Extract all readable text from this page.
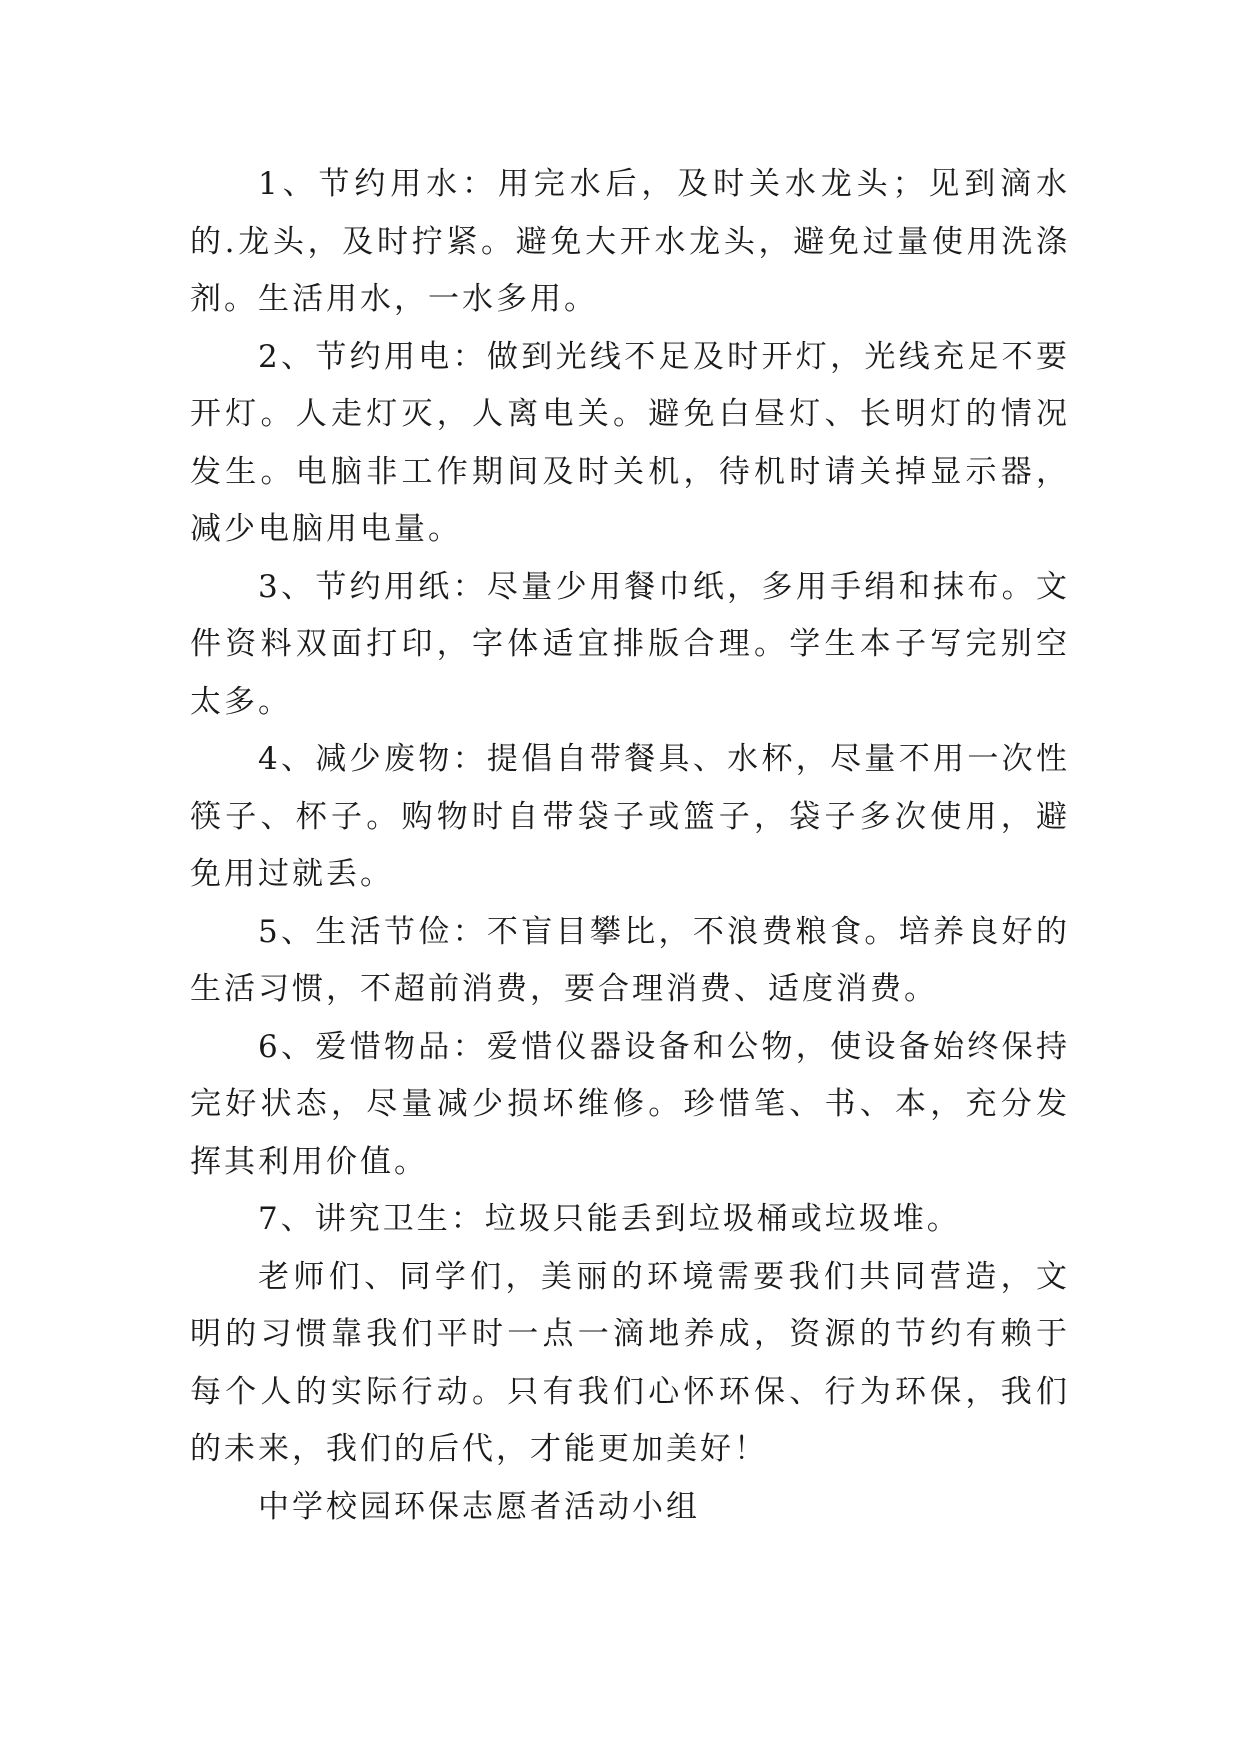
1、节约用水：用完水后，及时关水龙头；见到滴水的.龙头，及时拧紧。避免大开水龙头，避免过量使用洗涤剂。生活用水，一水多用。

2、节约用电：做到光线不足及时开灯，光线充足不要开灯。人走灯灭，人离电关。避免白昼灯、长明灯的情况发生。电脑非工作期间及时关机，待机时请关掉显示器，减少电脑用电量。

3、节约用纸：尽量少用餐巾纸，多用手绢和抹布。文件资料双面打印，字体适宜排版合理。学生本子写完别空太多。

4、减少废物：提倡自带餐具、水杯，尽量不用一次性筷子、杯子。购物时自带袋子或篮子，袋子多次使用，避免用过就丢。

5、生活节俭：不盲目攀比，不浪费粮食。培养良好的生活习惯，不超前消费，要合理消费、适度消费。

6、爱惜物品：爱惜仪器设备和公物，使设备始终保持完好状态，尽量减少损坏维修。珍惜笔、书、本，充分发挥其利用价值。

7、讲究卫生：垃圾只能丢到垃圾桶或垃圾堆。

老师们、同学们，美丽的环境需要我们共同营造，文明的习惯靠我们平时一点一滴地养成，资源的节约有赖于每个人的实际行动。只有我们心怀环保、行为环保，我们的未来，我们的后代，才能更加美好！

中学校园环保志愿者活动小组
